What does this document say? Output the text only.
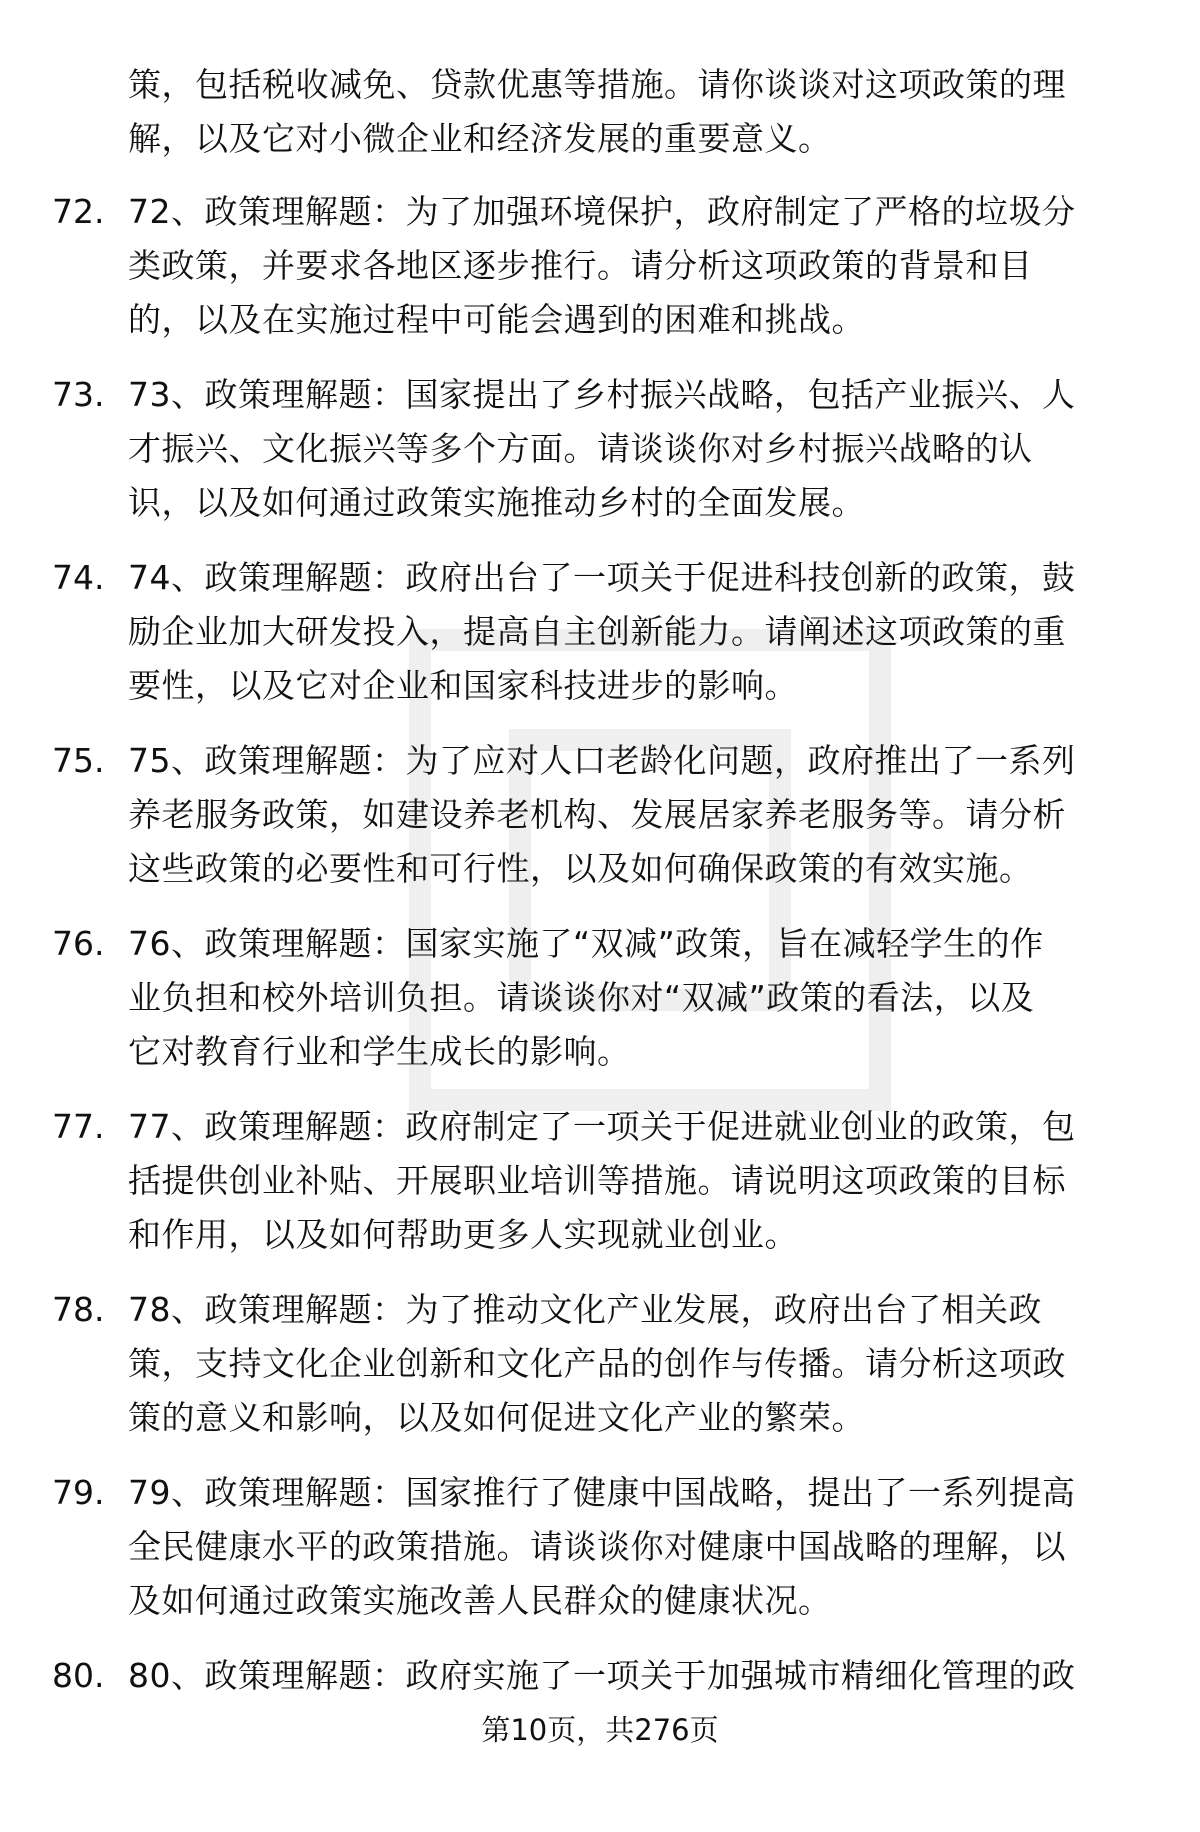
策，包括税收减免、贷款优惠等措施。请你谈谈对这项政策的理
解，以及它对小微企业和经济发展的重要意义。
72. 72、政策理解题：为了加强环境保护，政府制定了严格的垃圾分
类政策，并要求各地区逐步推行。请分析这项政策的背景和目
的，以及在实施过程中可能会遇到的困难和挑战。
73. 73、政策理解题：国家提出了乡村振兴战略，包括产业振兴、人
才振兴、文化振兴等多个方面。请谈谈你对乡村振兴战略的认
识，以及如何通过政策实施推动乡村的全面发展。
74. 74、政策理解题：政府出台了一项关于促进科技创新的政策，鼓
励企业加大研发投入，提高自主创新能力。请阐述这项政策的重
要性，以及它对企业和国家科技进步的影响。
75. 75、政策理解题：为了应对人口老龄化问题，政府推出了一系列
养老服务政策，如建设养老机构、发展居家养老服务等。请分析
这些政策的必要性和可行性，以及如何确保政策的有效实施。
76. 76、政策理解题：国家实施了“双减”政策，旨在减轻学生的作
业负担和校外培训负担。请谈谈你对“双减”政策的看法，以及
它对教育行业和学生成长的影响。
77. 77、政策理解题：政府制定了一项关于促进就业创业的政策，包
括提供创业补贴、开展职业培训等措施。请说明这项政策的目标
和作用，以及如何帮助更多人实现就业创业。
78. 78、政策理解题：为了推动文化产业发展，政府出台了相关政
策，支持文化企业创新和文化产品的创作与传播。请分析这项政
策的意义和影响，以及如何促进文化产业的繁荣。
79. 79、政策理解题：国家推行了健康中国战略，提出了一系列提高
全民健康水平的政策措施。请谈谈你对健康中国战略的理解，以
及如何通过政策实施改善人民群众的健康状况。
80. 80、政策理解题：政府实施了一项关于加强城市精细化管理的政
第10页，共276页
